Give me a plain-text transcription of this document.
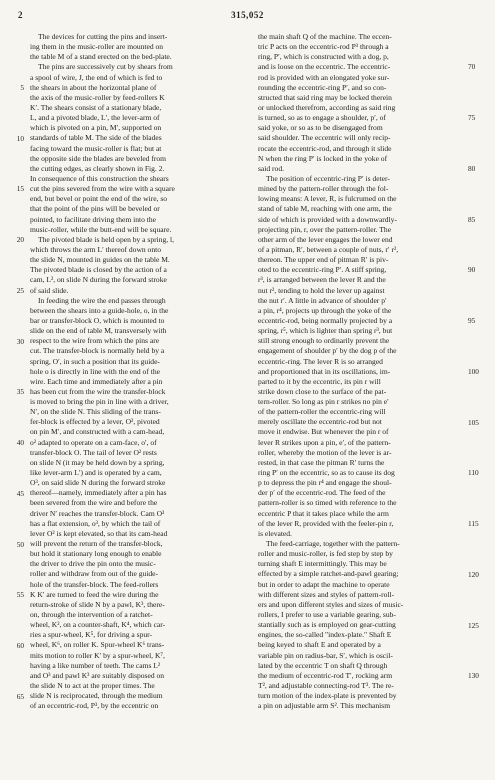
2	315,052
The devices for cutting the pins and insert-
ing them in the music-roller are mounted on
the table M of a stand erected on the bed-plate.
The pins are successively cut by shears from
a spool of wire, J, the end of which is fed to
the shears in about the horizontal plane of
the axis of the music-roller by feed-rollers K
K′. The shears consist of a stationary blade,
L, and a pivoted blade, L′, the lever-arm of
which is pivoted on a pin, M′, supported on
standards of table M. The side of the blades
facing toward the music-roller is flat; but at
the opposite side the blades are beveled from
the cutting edges, as clearly shown in Fig. 2.
In consequence of this construction the shears
cut the pins severed from the wire with a square
end, but bevel or point the end of the wire, so
that the point of the pins will be beveled or
pointed, to facilitate driving them into the
music-roller, while the butt-end will be square.
The pivoted blade is held open by a spring, l,
which throws the arm L′ thereof down onto
the slide N, mounted in guides on the table M.
The pivoted blade is closed by the action of a
cam, L², on slide N during the forward stroke
of said slide.
In feeding the wire the end passes through
between the shears into a guide-hole, o, in the
bar or transfer-block O, which is mounted to
slide on the end of table M, transversely with
respect to the wire from which the pins are
cut. The transfer-block is normally held by a
spring, O′, in such a position that its guide-
hole o is directly in line with the end of the
wire. Each time and immediately after a pin
has been cut from the wire the transfer-block
is moved to bring the pin in line with a driver,
N′, on the slide N. This sliding of the trans-
fer-block is effected by a lever, O², pivoted
on pin M′, and constructed with a cam-head,
o² adapted to operate on a cam-face, o′, of
transfer-block O. The tail of lever O² rests
on slide N (it may be held down by a spring,
like lever-arm L′) and is operated by a cam,
O³, on said slide N during the forward stroke
thereof—namely, immediately after a pin has
been severed from the wire and before the
driver N′ reaches the transfer-block. Cam O³
has a flat extension, o³, by which the tail of
lever O² is kept elevated, so that its cam-head
will prevent the return of the transfer-block,
but hold it stationary long enough to enable
the driver to drive the pin onto the music-
roller and withdraw from out of the guide-
hole of the transfer-block. The feed-rollers
K K′ are turned to feed the wire during the
return-stroke of slide N by a pawl, K³, there-
on, through the intervention of a ratchet-
wheel, K², on a counter-shaft, K⁴, which car-
ries a spur-wheel, K⁵, for driving a spur-
wheel, K⁶, on roller K. Spur-wheel K⁶ trans-
mits motion to roller K′ by a spur-wheel, K⁷,
having a like number of teeth. The cams L²
and O³ and pawl K³ are suitably disposed on
the slide N to act at the proper times. The
slide N is reciprocated, through the medium
of an eccentric-rod, P³, by the eccentric on
the main shaft Q of the machine. The eccen-
tric P acts on the eccentric-rod P³ through a
ring, P′, which is constructed with a dog, p,
and is loose on the eccentric. The eccentric-
rod is provided with an elongated yoke sur-
rounding the eccentric-ring P′, and so con-
structed that said ring may be locked therein
or unlocked therefrom, according as said ring
is turned, so as to engage a shoulder, p′, of
said yoke, or so as to be disengaged from
said shoulder. The eccentric will only recip-
rocate the eccentric-rod, and through it slide
N when the ring P′ is locked in the yoke of
said rod.
The position of eccentric-ring P′ is deter-
mined by the pattern-roller through the fol-
lowing means: A lever, R, is fulcrumed on the
stand of table M, reaching with one arm, the
side of which is provided with a downwardly-
projecting pin, r, over the pattern-roller. The
other arm of the lever engages the lower end
of a pitman, R′, between a couple of nuts, r′ r²,
thereon. The upper end of pitman R′ is piv-
oted to the eccentric-ring P′. A stiff spring,
r³, is arranged between the lever R and the
nut r², tending to hold the lever up against
the nut r′. A little in advance of shoulder p′
a pin, r⁴, projects up through the yoke of the
eccentric-rod, being normally projected by a
spring, r⁵, which is lighter than spring r³, but
still strong enough to ordinarily prevent the
engagement of shoulder p′ by the dog p of the
eccentric-ring. The lever R is so arranged
and proportioned that in its oscillations, im-
parted to it by the eccentric, its pin r will
strike down close to the surface of the pat-
tern-roller. So long as pin r strikes no pin e′
of the pattern-roller the eccentric-ring will
merely oscillate the eccentric-rod but not
move it endwise. But whenever the pin r of
lever R strikes upon a pin, e′, of the pattern-
roller, whereby the motion of the lever is ar-
rested, in that case the pitman R′ turns the
ring P′ on the eccentric, so as to cause its dog
p to depress the pin r⁴ and engage the shoul-
der p′ of the eccentric-rod. The feed of the
pattern-roller is so timed with reference to the
eccentric P that it takes place while the arm
of the lever R, provided with the feeler-pin r,
is elevated.
The feed-carriage, together with the pattern-
roller and music-roller, is fed step by step by
turning shaft E intermittingly. This may be
effected by a simple ratchet-and-pawl gearing;
but in order to adapt the machine to operate
with different sizes and styles of pattern-roll-
ers and upon different styles and sizes of music-
rollers, I prefer to use a variable gearing, sub-
stantially such as is employed on gear-cutting
engines, the so-called "index-plate." Shaft E
being keyed to shaft E and operated by a
variable pin on radius-bar, S′, which is oscil-
lated by the eccentric T on shaft Q through
the medium of eccentric-rod T′, rocking arm
T², and adjustable connecting-rod T³. The re-
turn motion of the index-plate is prevented by
a pin on adjustable arm S². This mechanism
5
10
15
20
25
30
35
40
45
50
55
60
65
70
75
80
85
90
95
100
105
110
115
120
125
130
